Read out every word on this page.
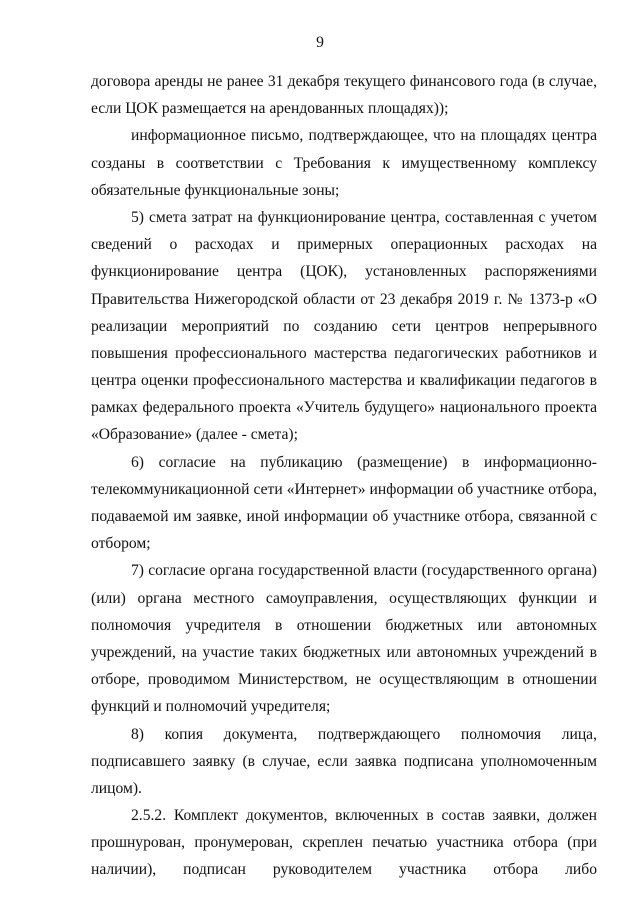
9
договора аренды не ранее 31 декабря текущего финансового года (в случае,
если ЦОК размещается на арендованных площадях));
информационное письмо, подтверждающее, что на площадях центра
созданы в соответствии с Требования к имущественному комплексу
обязательные функциональные зоны;
5) смета затрат на функционирование центра, составленная с учетом
сведений о расходах и примерных операционных расходах на
функционирование центра (ЦОК), установленных распоряжениями
Правительства Нижегородской области от 23 декабря 2019 г. № 1373-р «О
реализации мероприятий по созданию сети центров непрерывного
повышения профессионального мастерства педагогических работников и
центра оценки профессионального мастерства и квалификации педагогов в
рамках федерального проекта «Учитель будущего» национального проекта
«Образование» (далее - смета);
6) согласие на публикацию (размещение) в информационно-
телекоммуникационной сети «Интернет» информации об участнике отбора,
подаваемой им заявке, иной информации об участнике отбора, связанной с
отбором;
7) согласие органа государственной власти (государственного органа)
(или) органа местного самоуправления, осуществляющих функции и
полномочия учредителя в отношении бюджетных или автономных
учреждений, на участие таких бюджетных или автономных учреждений в
отборе, проводимом Министерством, не осуществляющим в отношении
функций и полномочий учредителя;
8) копия документа, подтверждающего полномочия лица,
подписавшего заявку (в случае, если заявка подписана уполномоченным
лицом).
2.5.2. Комплект документов, включенных в состав заявки, должен
прошнурован, пронумерован, скреплен печатью участника отбора (при
наличии), подписан руководителем участника отбора либо
